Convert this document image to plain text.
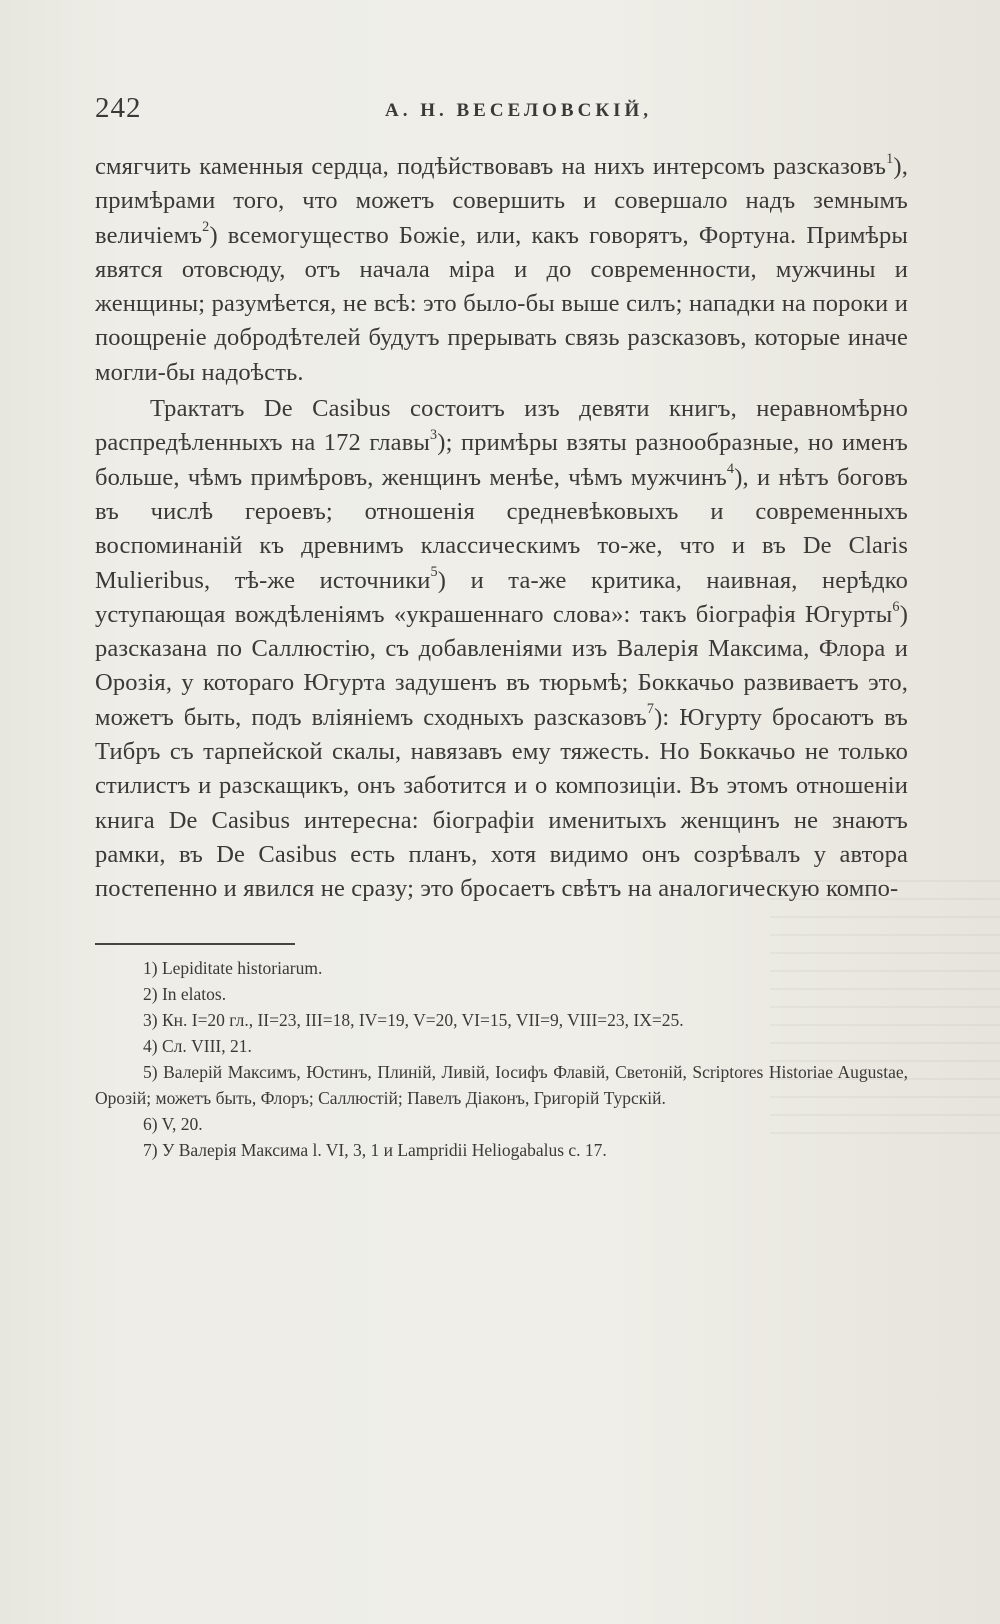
242	А. Н. ВЕСЕЛОВСКІЙ,

смягчить каменныя сердца, подѣйствовавъ на нихъ интерсомъ разсказовъ$^1$), примѣрами того, что можетъ совершить и совершало надъ земнымъ величіемъ$^2$) всемогущество Божіе, или, какъ говорятъ, Фортуна. Примѣры явятся отовсюду, отъ начала міра и до современности, мужчины и женщины; разумѣется, не всѣ: это было-бы выше силъ; нападки на пороки и поощреніе добродѣтелей будутъ прерывать связь разсказовъ, которые иначе могли-бы надоѣсть.

Трактатъ De Casibus состоитъ изъ девяти книгъ, неравномѣрно распредѣленныхъ на 172 главы$^3$); примѣры взяты разнообразные, но именъ больше, чѣмъ примѣровъ, женщинъ менѣе, чѣмъ мужчинъ$^4$), и нѣтъ боговъ въ числѣ героевъ; отношенія средневѣковыхъ и современныхъ воспоминаній къ древнимъ классическимъ то-же, что и въ De Claris Mulieribus, тѣ-же источники$^5$) и та-же критика, наивная, нерѣдко уступающая вождѣленіямъ «украшеннаго слова»: такъ біографія Югурты$^6$) разсказана по Саллюстію, съ добавленіями изъ Валерія Максима, Флора и Орозія, у котораго Югурта задушенъ въ тюрьмѣ; Боккачьо развиваетъ это, можетъ быть, подъ вліяніемъ сходныхъ разсказовъ$^7$): Югурту бросаютъ въ Тибръ съ тарпейской скалы, навязавъ ему тяжесть. Но Боккачьо не только стилистъ и разскащикъ, онъ заботится и о композиціи. Въ этомъ отношеніи книга De Casibus интересна: біографіи именитыхъ женщинъ не знаютъ рамки, въ De Casibus есть планъ, хотя видимо онъ созрѣвалъ у автора постепенно и явился не сразу; это бросаетъ свѣтъ на аналогическую компо-

1) Lepiditate historiarum.

2) In elatos.

3) Кн. I=20 гл., II=23, III=18, IV=19, V=20, VI=15, VII=9, VIII=23, IX=25.

4) Сл. VIII, 21.

5) Валерій Максимъ, Юстинъ, Плиній, Ливій, Іосифъ Флавій, Светоній, Scriptores Historiae Augustae, Орозій; можетъ быть, Флоръ; Саллюстій; Павелъ Діаконъ, Григорій Турскій.

6) V, 20.

7) У Валерія Максима l. VI, 3, 1 и Lampridii Heliogabalus c. 17.
